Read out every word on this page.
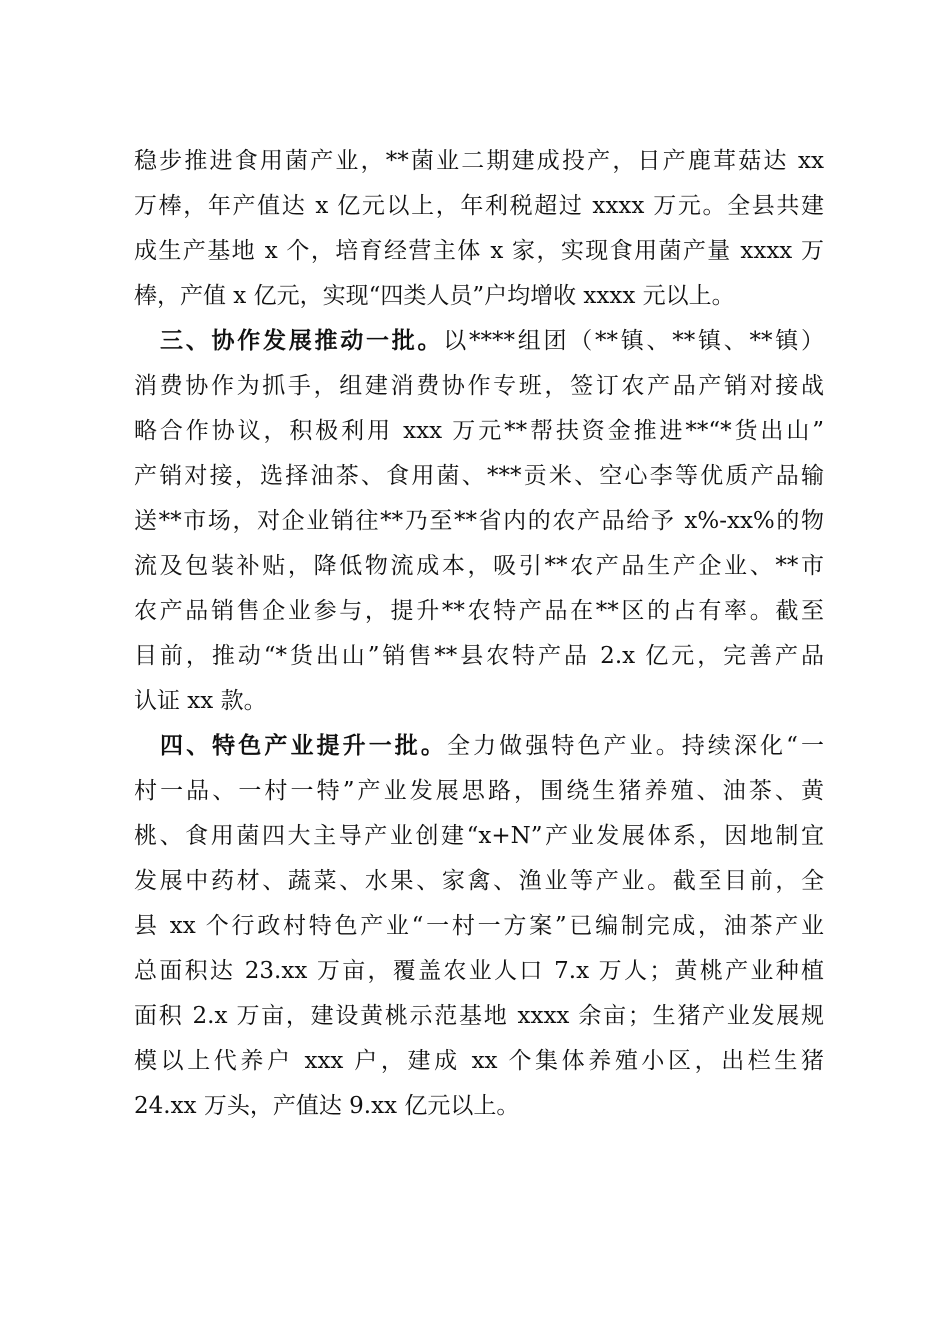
稳步推进食用菌产业，**菌业二期建成投产，日产鹿茸菇达 xx
万棒，年产值达 x 亿元以上，年利税超过 xxxx 万元。全县共建
成生产基地 x 个，培育经营主体 x 家，实现食用菌产量 xxxx 万
棒，产值 x 亿元，实现“四类人员”户均增收 xxxx 元以上。
三、协作发展推动一批。以****组团（**镇、**镇、**镇）
消费协作为抓手，组建消费协作专班，签订农产品产销对接战
略合作协议，积极利用 xxx 万元**帮扶资金推进**“*货出山”
产销对接，选择油茶、食用菌、***贡米、空心李等优质产品输
送**市场，对企业销往**乃至**省内的农产品给予 x%-xx%的物
流及包装补贴，降低物流成本，吸引**农产品生产企业、**市
农产品销售企业参与，提升**农特产品在**区的占有率。截至
目前，推动“*货出山”销售**县农特产品 2.x 亿元，完善产品
认证 xx 款。
四、特色产业提升一批。全力做强特色产业。持续深化“一
村一品、一村一特”产业发展思路，围绕生猪养殖、油茶、黄
桃、食用菌四大主导产业创建“x+N”产业发展体系，因地制宜
发展中药材、蔬菜、水果、家禽、渔业等产业。截至目前，全
县 xx 个行政村特色产业“一村一方案”已编制完成，油茶产业
总面积达 23.xx 万亩，覆盖农业人口 7.x 万人；黄桃产业种植
面积 2.x 万亩，建设黄桃示范基地 xxxx 余亩；生猪产业发展规
模以上代养户 xxx 户，建成 xx 个集体养殖小区，出栏生猪
24.xx 万头，产值达 9.xx 亿元以上。
